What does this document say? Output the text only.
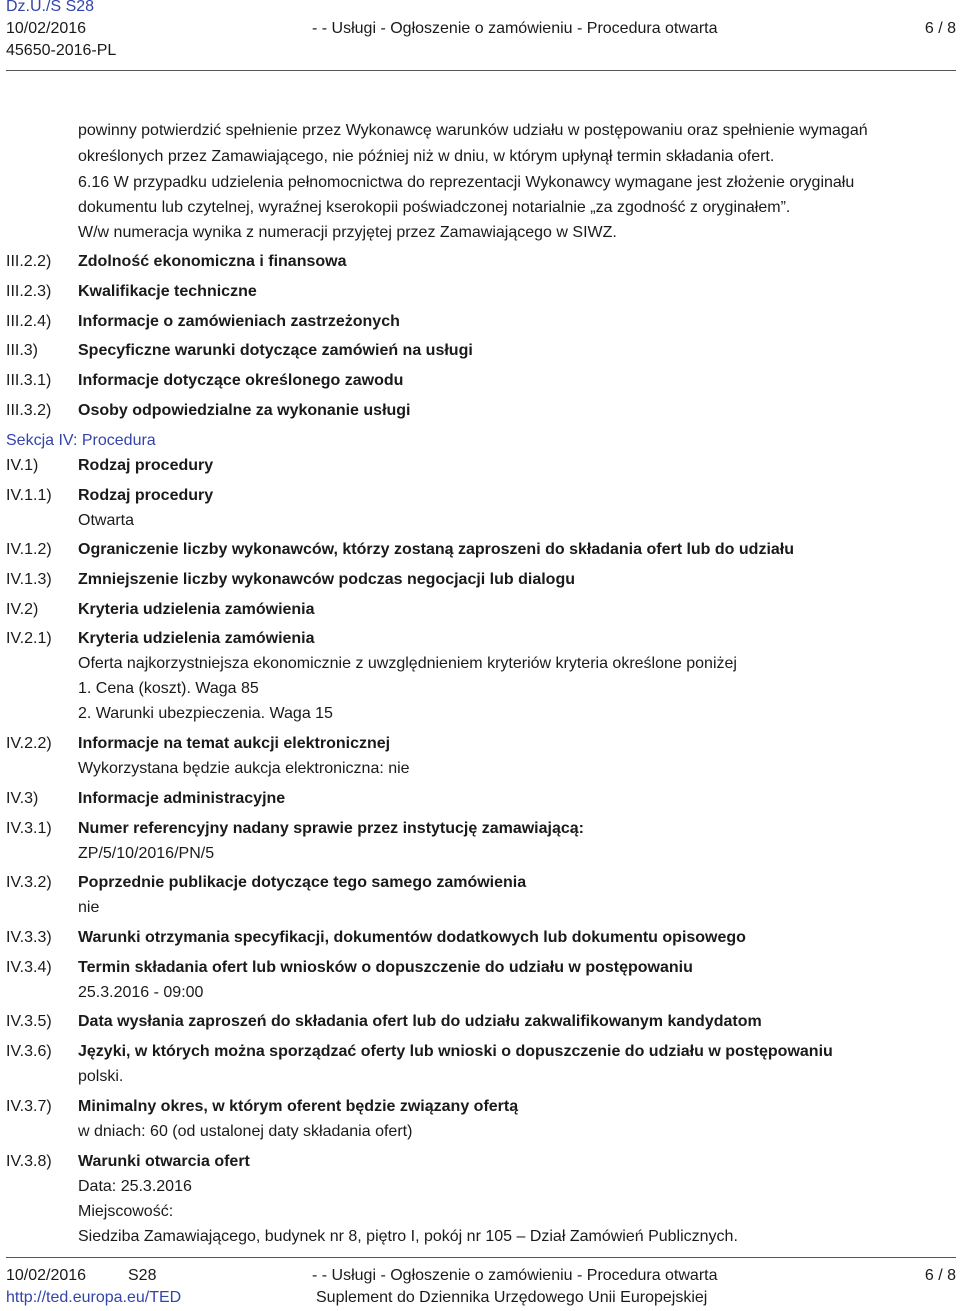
Dz.U./S S28
10/02/2016
45650-2016-PL
- - Usługi - Ogłoszenie o zamówieniu - Procedura otwarta	6 / 8
powinny potwierdzić spełnienie przez Wykonawcę warunków udziału w postępowaniu oraz spełnienie wymagań
określonych przez Zamawiającego, nie później niż w dniu, w którym upłynął termin składania ofert.
6.16 W przypadku udzielenia pełnomocnictwa do reprezentacji Wykonawcy wymagane jest złożenie oryginału
dokumentu lub czytelnej, wyraźnej kserokopii poświadczonej notarialnie „za zgodność z oryginałem”.
W/w numeracja wynika z numeracji przyjętej przez Zamawiającego w SIWZ.
III.2.2) Zdolność ekonomiczna i finansowa
III.2.3) Kwalifikacje techniczne
III.2.4) Informacje o zamówieniach zastrzeżonych
III.3) Specyficzne warunki dotyczące zamówień na usługi
III.3.1) Informacje dotyczące określonego zawodu
III.3.2) Osoby odpowiedzialne za wykonanie usługi
Sekcja IV: Procedura
IV.1) Rodzaj procedury
IV.1.1) Rodzaj procedury
Otwarta
IV.1.2) Ograniczenie liczby wykonawców, którzy zostaną zaproszeni do składania ofert lub do udziału
IV.1.3) Zmniejszenie liczby wykonawców podczas negocjacji lub dialogu
IV.2) Kryteria udzielenia zamówienia
IV.2.1) Kryteria udzielenia zamówienia
Oferta najkorzystniejsza ekonomicznie z uwzględnieniem kryteriów kryteria określone poniżej
1. Cena (koszt). Waga 85
2. Warunki ubezpieczenia. Waga 15
IV.2.2) Informacje na temat aukcji elektronicznej
Wykorzystana będzie aukcja elektroniczna: nie
IV.3) Informacje administracyjne
IV.3.1) Numer referencyjny nadany sprawie przez instytucję zamawiającą:
ZP/5/10/2016/PN/5
IV.3.2) Poprzednie publikacje dotyczące tego samego zamówienia
nie
IV.3.3) Warunki otrzymania specyfikacji, dokumentów dodatkowych lub dokumentu opisowego
IV.3.4) Termin składania ofert lub wniosków o dopuszczenie do udziału w postępowaniu
25.3.2016 - 09:00
IV.3.5) Data wysłania zaproszeń do składania ofert lub do udziału zakwalifikowanym kandydatom
IV.3.6) Języki, w których można sporządzać oferty lub wnioski o dopuszczenie do udziału w postępowaniu
polski.
IV.3.7) Minimalny okres, w którym oferent będzie związany ofertą
w dniach: 60 (od ustalonej daty składania ofert)
IV.3.8) Warunki otwarcia ofert
Data: 25.3.2016
Miejscowość:
Siedziba Zamawiającego, budynek nr 8, piętro I, pokój nr 105 – Dział Zamówień Publicznych.
10/02/2016	S28
http://ted.europa.eu/TED
- - Usługi - Ogłoszenie o zamówieniu - Procedura otwarta
Suplement do Dziennika Urzędowego Unii Europejskiej
6 / 8
